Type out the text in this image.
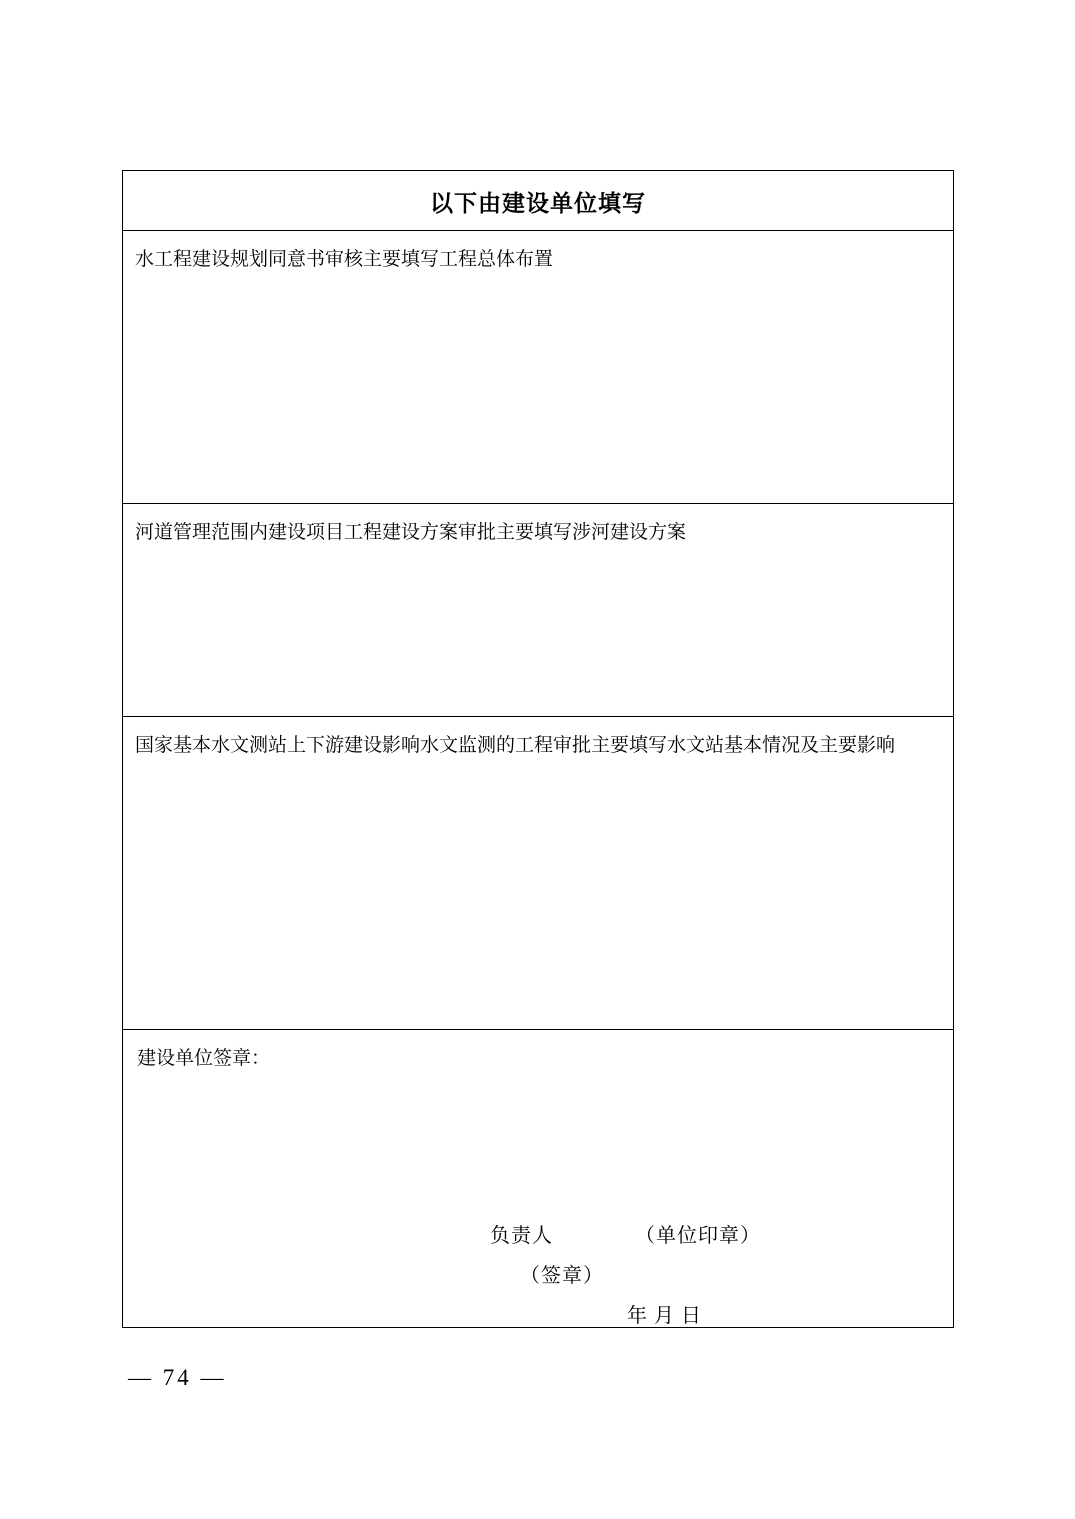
以下由建设单位填写
水工程建设规划同意书审核主要填写工程总体布置
河道管理范围内建设项目工程建设方案审批主要填写涉河建设方案
国家基本水文测站上下游建设影响水文监测的工程审批主要填写水文站基本情况及主要影响

建设单位签章：
负责人	（单位印章）
（签章）
年 月 日
— 74 —
